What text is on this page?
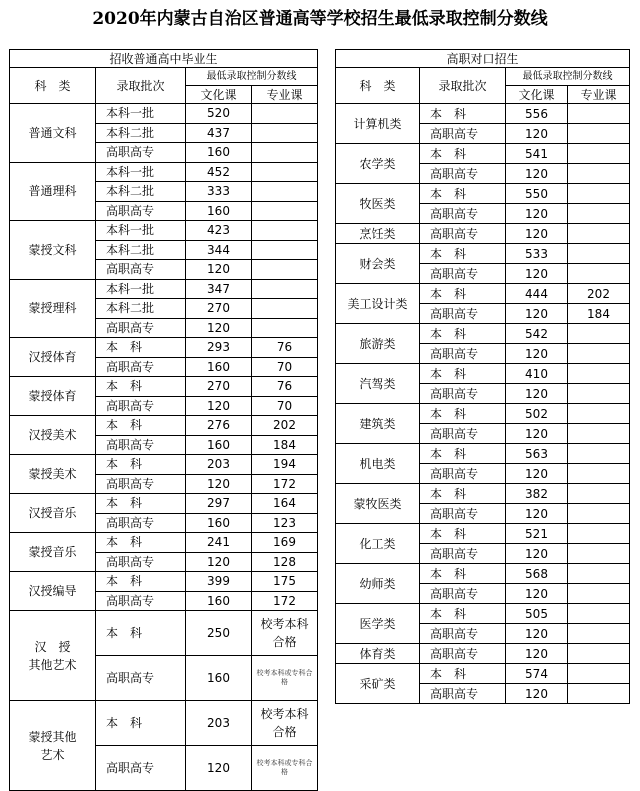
2020年内蒙古自治区普通高等学校招生最低录取控制分数线
招收普通高中毕业生			
科　类	录取批次	最低录取控制分数线	
		文化课	专业课
普通文科	本科一批	520	
	本科二批	437	
	高职高专	160	
普通理科	本科一批	452	
	本科二批	333	
	高职高专	160	
蒙授文科	本科一批	423	
	本科二批	344	
	高职高专	120	
蒙授理科	本科一批	347	
	本科二批	270	
	高职高专	120	
汉授体育	本　科	293	76
	高职高专	160	70
蒙授体育	本　科	270	76
	高职高专	120	70
汉授美术	本　科	276	202
	高职高专	160	184
蒙授美术	本　科	203	194
	高职高专	120	172
汉授音乐	本　科	297	164
	高职高专	160	123
蒙授音乐	本　科	241	169
	高职高专	120	128
汉授编导	本　科	399	175
	高职高专	160	172
汉　授
其他艺术	本　科	250	校考本科合格
	高职高专	160	校考本科或专科合格
蒙授其他
艺术	本　科	203	校考本科合格
	高职高专	120	校考本科或专科合格
高职对口招生			
科　类	录取批次	最低录取控制分数线	
		文化课	专业课
计算机类	本　科	556	
	高职高专	120	
农学类	本　科	541	
	高职高专	120	
牧医类	本　科	550	
	高职高专	120	
烹饪类	高职高专	120	
财会类	本　科	533	
	高职高专	120	
美工设计类	本　科	444	202
	高职高专	120	184
旅游类	本　科	542	
	高职高专	120	
汽驾类	本　科	410	
	高职高专	120	
建筑类	本　科	502	
	高职高专	120	
机电类	本　科	563	
	高职高专	120	
蒙牧医类	本　科	382	
	高职高专	120	
化工类	本　科	521	
	高职高专	120	
幼师类	本　科	568	
	高职高专	120	
医学类	本　科	505	
	高职高专	120	
体育类	高职高专	120	
采矿类	本　科	574	
	高职高专	120	
